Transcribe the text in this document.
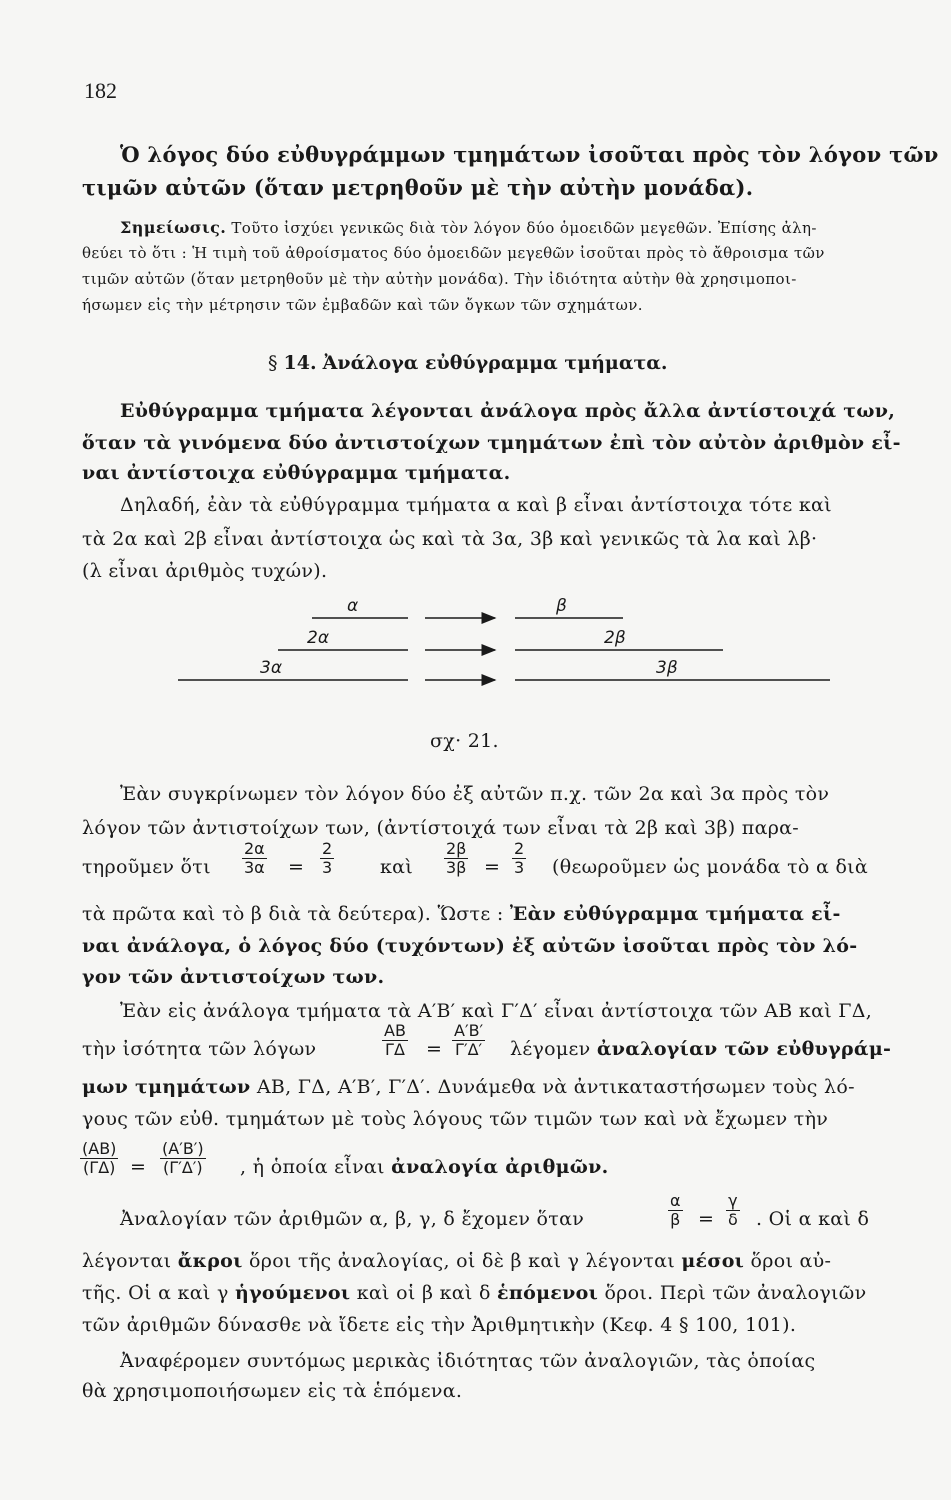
182
Ὁ λόγος δύο εὐθυγράμμων τμημάτων ἰσοῦται πρὸς τὸν λόγον τῶν
τιμῶν αὐτῶν (ὅταν μετρηθοῦν μὲ τὴν αὐτὴν μονάδα).
Σημείωσις. Τοῦτο ἰσχύει γενικῶς διὰ τὸν λόγον δύο ὁμοειδῶν μεγεθῶν. Ἐπίσης ἀλη-
θεύει τὸ ὅτι : Ἡ τιμὴ τοῦ ἀθροίσματος δύο ὁμοειδῶν μεγεθῶν ἰσοῦται πρὸς τὸ ἄθροισμα τῶν
τιμῶν αὐτῶν (ὅταν μετρηθοῦν μὲ τὴν αὐτὴν μονάδα). Τὴν ἰδιότητα αὐτὴν θὰ χρησιμοποι-
ήσωμεν εἰς τὴν μέτρησιν τῶν ἐμβαδῶν καὶ τῶν ὄγκων τῶν σχημάτων.
§ 14. Ἀνάλογα εὐθύγραμμα τμήματα.
Εὐθύγραμμα τμήματα λέγονται ἀνάλογα πρὸς ἄλλα ἀντίστοιχά των,
ὅταν τὰ γινόμενα δύο ἀντιστοίχων τμημάτων ἐπὶ τὸν αὐτὸν ἀριθμὸν εἶ-
ναι ἀντίστοιχα εὐθύγραμμα τμήματα.
Δηλαδή, ἐὰν τὰ εὐθύγραμμα τμήματα α καὶ β εἶναι ἀντίστοιχα τότε καὶ
τὰ 2α καὶ 2β εἶναι ἀντίστοιχα ὡς καὶ τὰ 3α, 3β καὶ γενικῶς τὰ λα καὶ λβ·
(λ εἶναι ἀριθμὸς τυχών).
α
2α
3α
β
2β
3β
σχ· 21.
Ἐὰν συγκρίνωμεν τὸν λόγον δύο ἐξ αὐτῶν π.χ. τῶν 2α καὶ 3α πρὸς τὸν
λόγον τῶν ἀντιστοίχων των, (ἀντίστοιχά των εἶναι τὰ 2β καὶ 3β) παρα-
τηροῦμεν ὅτι $\frac{2\alpha}{3\alpha} = \frac{2}{3}$ καὶ $\frac{2\beta}{3\beta} = \frac{2}{3}$ (θεωροῦμεν ὡς μονάδα τὸ α διὰ
τὰ πρῶτα καὶ τὸ β διὰ τὰ δεύτερα). Ὥστε : Ἐὰν εὐθύγραμμα τμήματα εἶ-
ναι ἀνάλογα, ὁ λόγος δύο (τυχόντων) ἐξ αὐτῶν ἰσοῦται πρὸς τὸν λό-
γον τῶν ἀντιστοίχων των.
Ἐὰν εἰς ἀνάλογα τμήματα τὰ Α′Β′ καὶ Γ′Δ′ εἶναι ἀντίστοιχα τῶν ΑΒ καὶ ΓΔ,
τὴν ἰσότητα τῶν λόγων	$\frac{AB}{\Gamma\Delta} = \frac{A'B'}{\Gamma'\Delta'}$ λέγομεν ἀναλογίαν τῶν εὐθυγράμ-
μων τμημάτων ΑΒ, ΓΔ, Α′Β′, Γ′Δ′. Δυνάμεθα νὰ ἀντικαταστήσωμεν τοὺς λό-
γους τῶν εὐθ. τμημάτων μὲ τοὺς λόγους τῶν τιμῶν των καὶ νὰ ἔχωμεν τὴν
$\frac{(AB)}{(\Gamma\Delta)} = \frac{(A'B')}{(\Gamma'\Delta')}$ , ἡ ὁποία εἶναι ἀναλογία ἀριθμῶν.
Ἀναλογίαν τῶν ἀριθμῶν α, β, γ, δ ἔχομεν ὅταν	$\frac{\alpha}{\beta} = \frac{\gamma}{\delta}$ . Οἱ α καὶ δ
λέγονται ἄκροι ὅροι τῆς ἀναλογίας, οἱ δὲ β καὶ γ λέγονται μέσοι ὅροι αὐ-
τῆς. Οἱ α καὶ γ ἡγούμενοι καὶ οἱ β καὶ δ ἑπόμενοι ὅροι. Περὶ τῶν ἀναλογιῶν
τῶν ἀριθμῶν δύνασθε νὰ ἴδετε εἰς τὴν Ἀριθμητικὴν (Κεφ. 4 § 100, 101).
Ἀναφέρομεν συντόμως μερικὰς ἰδιότητας τῶν ἀναλογιῶν, τὰς ὁποίας
θὰ χρησιμοποιήσωμεν εἰς τὰ ἑπόμενα.
